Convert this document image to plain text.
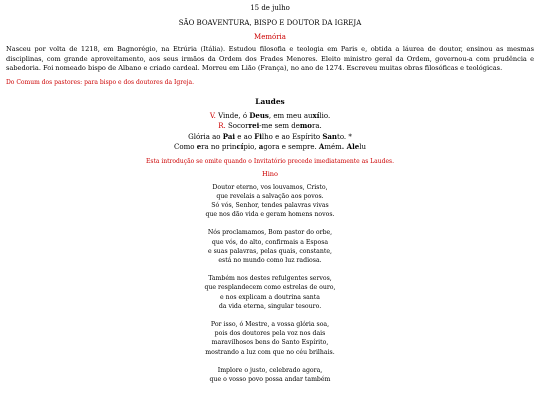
15 de julho
SÃO BOAVENTURA, BISPO E DOUTOR DA IGREJA
Memória
Nasceu por volta de 1218, em Bagnorégio, na Etrúria (Itália). Estudou filosofia e teologia em Paris e, obtida a láurea de doutor, ensinou as mesmas disciplinas, com grande aproveitamento, aos seus irmãos da Ordem dos Frades Menores. Eleito ministro geral da Ordem, governou-a com prudência e sabedoria. Foi nomeado bispo de Albano e criado cardeal. Morreu em Lião (França), no ano de 1274. Escreveu muitas obras filosóficas e teológicas.
Do Comum dos pastores: para bispo e dos doutores da Igreja.
Laudes
V. Vinde, ó Deus, em meu auxílio.
R. Socorrei-me sem demora.
Glória ao Pai e ao Filho e ao Espírito Santo. *
Como era no princípio, agora e sempre. Amém. Alelu
Esta introdução se omite quando o Invitatório precede imediatamente as Laudes.
Hino
Doutor eterno, vos louvamos, Cristo,
que revelais a salvação aos povos.
Só vós, Senhor, tendes palavras vivas
que nos dão vida e geram homens novos.
Nós proclamamos, Bom pastor do orbe,
que vós, do alto, confirmais a Esposa
e suas palavras, pelas quais, constante,
está no mundo como luz radiosa.
Também nos destes refulgentes servos,
que resplandecem como estrelas de ouro,
e nos explicam a doutrina santa
da vida eterna, singular tesouro.
Por isso, ó Mestre, a vossa glória soa,
pois dos doutores pela voz nos dais
maravilhosos bens do Santo Espírito,
mostrando a luz com que no céu brilhais.
Implore o justo, celebrado agora,
que o vosso povo possa andar também
